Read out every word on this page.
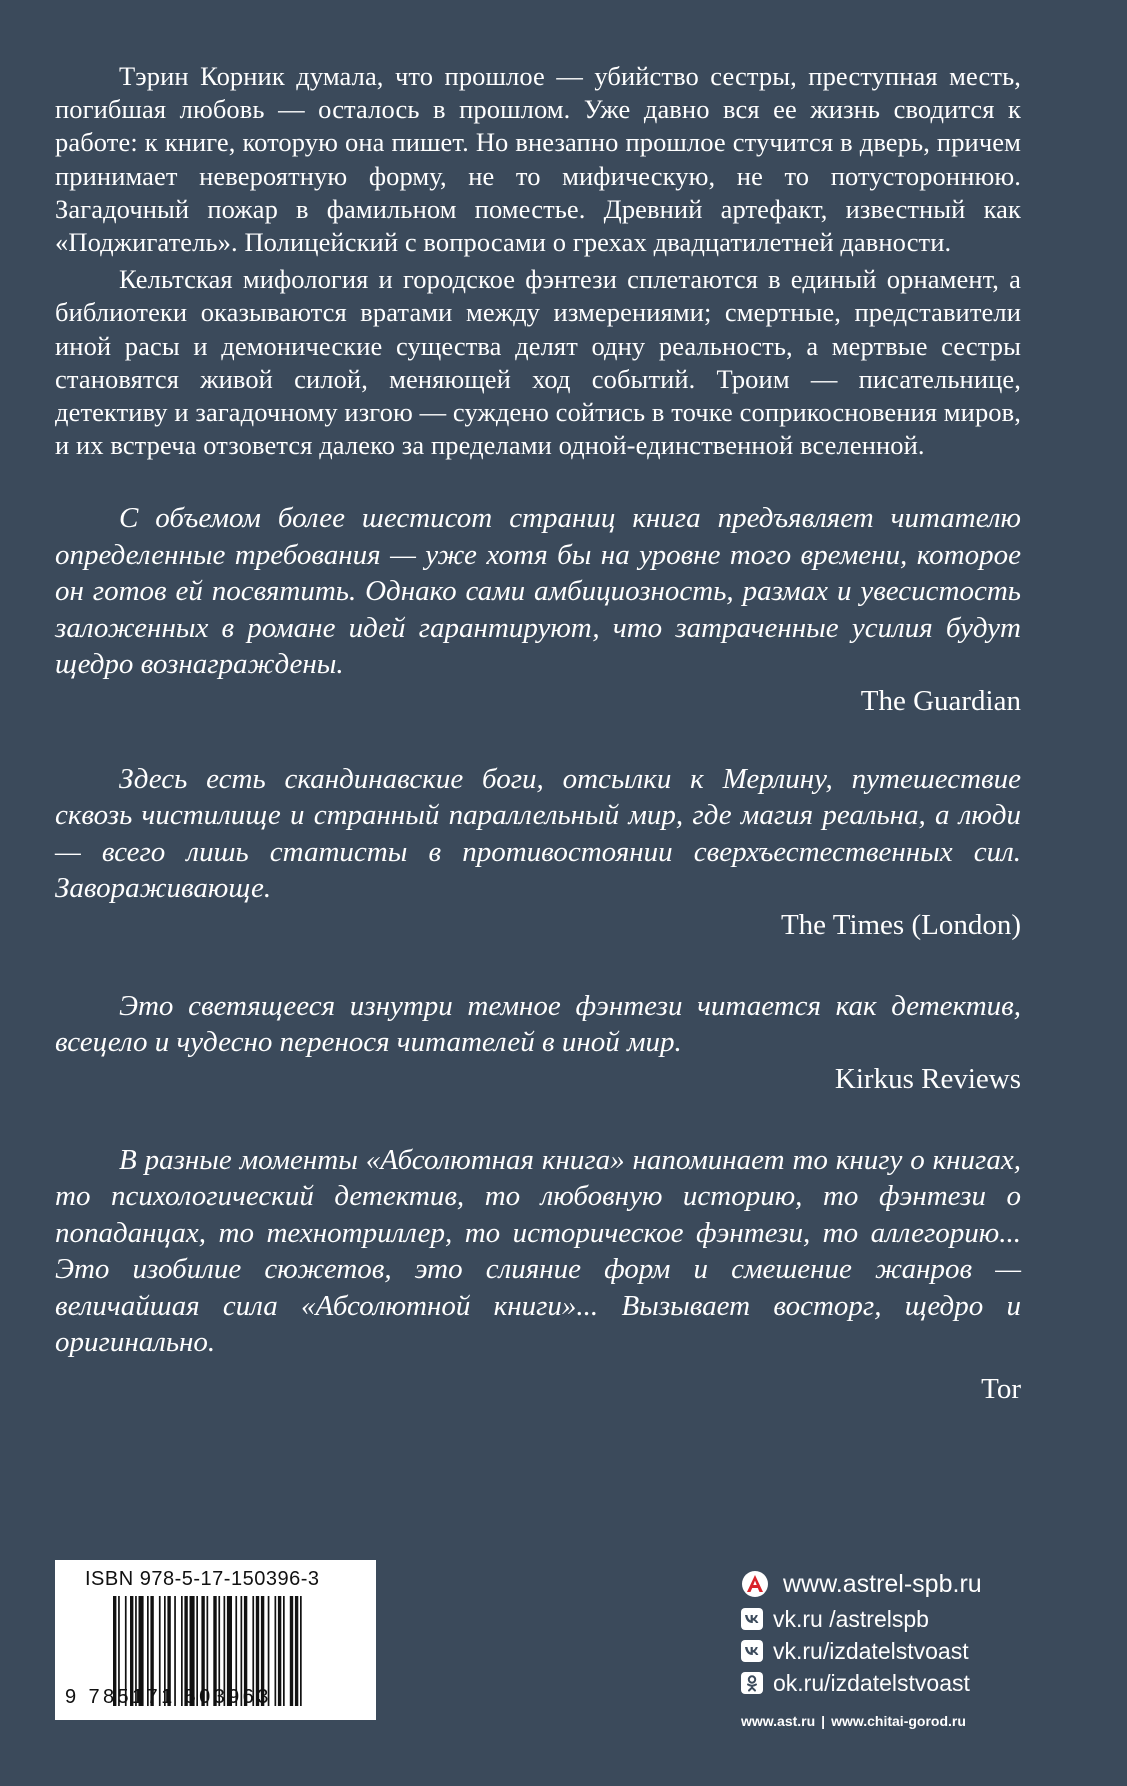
Тэрин Корник думала, что прошлое — убийство сестры, преступная месть, погибшая любовь — осталось в прошлом. Уже давно вся ее жизнь сводится к работе: к книге, которую она пишет. Но внезапно прошлое стучится в дверь, причем принимает невероятную форму, не то мифическую, не то потустороннюю. Загадочный пожар в фамильном поместье. Древний артефакт, известный как «Поджигатель». Полицейский с вопросами о грехах двадцатилетней давности.

Кельтская мифология и городское фэнтези сплетаются в единый орнамент, а библиотеки оказываются вратами между измерениями; смертные, представители иной расы и демонические существа делят одну реальность, а мертвые сестры становятся живой силой, меняющей ход событий. Троим — писательнице, детективу и загадочному изгою — суждено сойтись в точке соприкосновения миров, и их встреча отзовется далеко за пределами одной-единственной вселенной.

С объемом более шестисот страниц книга предъявляет читателю определенные требования — уже хотя бы на уровне того времени, которое он готов ей посвятить. Однако сами амбициозность, размах и увесистость заложенных в романе идей гарантируют, что затраченные усилия будут щедро вознаграждены.

The Guardian

Здесь есть скандинавские боги, отсылки к Мерлину, путешествие сквозь чистилище и странный параллельный мир, где магия реальна, а люди — всего лишь статисты в противостоянии сверхъестественных сил. Завораживающе.

The Times (London)

Это светящееся изнутри темное фэнтези читается как детектив, всецело и чудесно перенося читателей в иной мир.

Kirkus Reviews

В разные моменты «Абсолютная книга» напоминает то книгу о книгах, то психологический детектив, то любовную историю, то фэнтези о попаданцах, то технотриллер, то историческое фэнтези, то аллегорию... Это изобилие сюжетов, это слияние форм и смешение жанров — величайшая сила «Абсолютной книги»... Вызывает восторг, щедро и оригинально.

Tor

ISBN 978-5-17-150396-3
9 785171 503963
www.astrel-spb.ru
vk.ru /astrelspb
vk.ru/izdatelstvoast
ok.ru/izdatelstvoast
www.ast.ru | www.chitai-gorod.ru
